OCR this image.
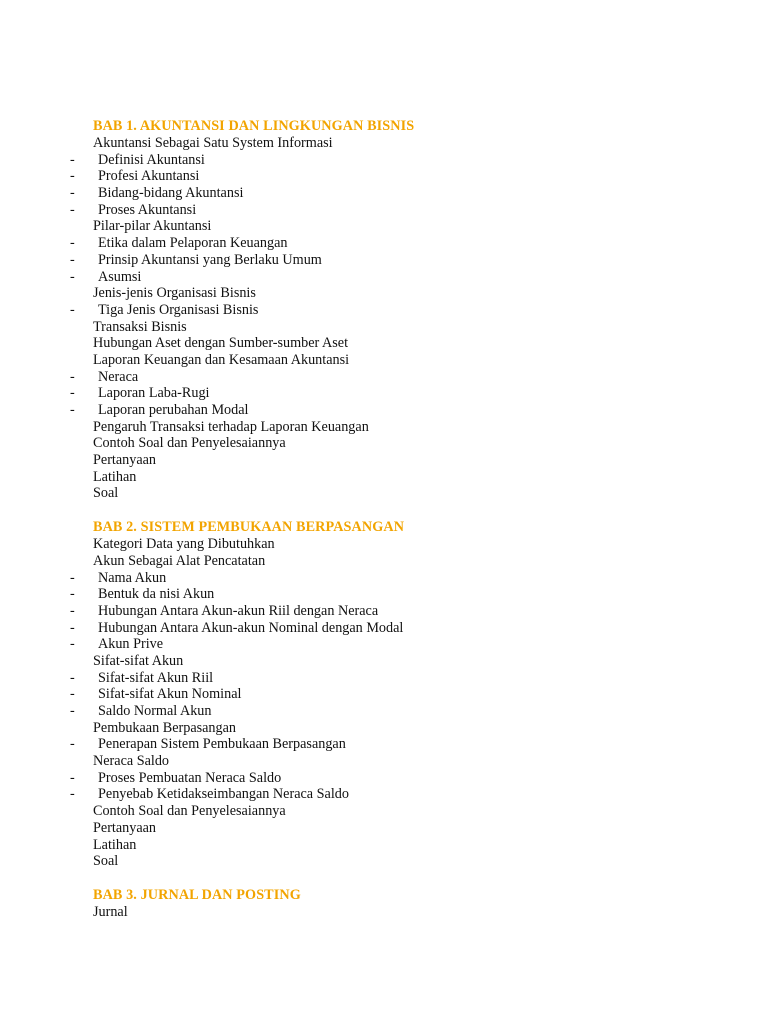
BAB 1. AKUNTANSI DAN LINGKUNGAN BISNIS
Akuntansi Sebagai Satu System Informasi
- Definisi Akuntansi
- Profesi Akuntansi
- Bidang-bidang Akuntansi
- Proses Akuntansi
Pilar-pilar Akuntansi
- Etika dalam Pelaporan Keuangan
- Prinsip Akuntansi yang Berlaku Umum
- Asumsi
Jenis-jenis Organisasi Bisnis
- Tiga Jenis Organisasi Bisnis
Transaksi Bisnis
Hubungan Aset dengan Sumber-sumber Aset
Laporan Keuangan dan Kesamaan Akuntansi
- Neraca
- Laporan Laba-Rugi
- Laporan perubahan Modal
Pengaruh Transaksi terhadap Laporan Keuangan
Contoh Soal dan Penyelesaiannya
Pertanyaan
Latihan
Soal
BAB 2. SISTEM PEMBUKAAN BERPASANGAN
Kategori Data yang Dibutuhkan
Akun Sebagai Alat Pencatatan
- Nama Akun
- Bentuk da nisi Akun
- Hubungan Antara Akun-akun Riil dengan Neraca
- Hubungan Antara Akun-akun Nominal dengan Modal
- Akun Prive
Sifat-sifat Akun
- Sifat-sifat Akun Riil
- Sifat-sifat Akun Nominal
- Saldo Normal Akun
Pembukaan Berpasangan
- Penerapan Sistem Pembukaan Berpasangan
Neraca Saldo
- Proses Pembuatan Neraca Saldo
- Penyebab Ketidakseimbangan Neraca Saldo
Contoh Soal dan Penyelesaiannya
Pertanyaan
Latihan
Soal
BAB 3. JURNAL DAN POSTING
Jurnal
